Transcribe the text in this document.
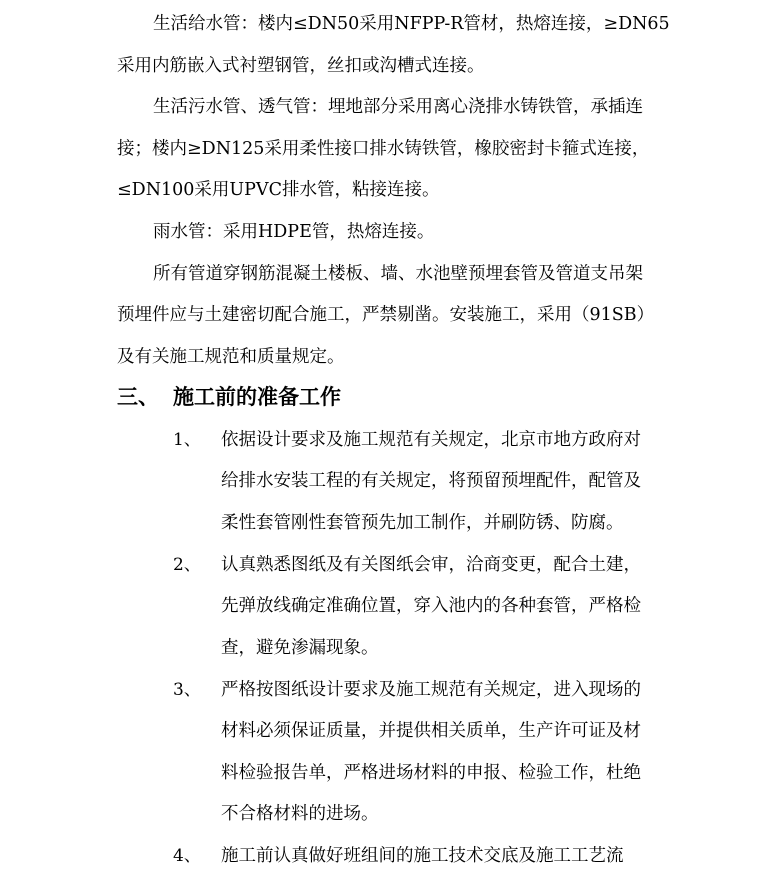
生活给水管：楼内≤DN50采用NFPP-R管材，热熔连接，≥DN65
采用内筋嵌入式衬塑钢管，丝扣或沟槽式连接。
生活污水管、透气管：埋地部分采用离心浇排水铸铁管，承插连
接；楼内≥DN125采用柔性接口排水铸铁管，橡胶密封卡箍式连接，
≤DN100采用UPVC排水管，粘接连接。
雨水管：采用HDPE管，热熔连接。
所有管道穿钢筋混凝土楼板、墙、水池壁预埋套管及管道支吊架
预埋件应与土建密切配合施工，严禁剔凿。安装施工，采用（91SB）
及有关施工规范和质量规定。
三、 施工前的准备工作
1、 依据设计要求及施工规范有关规定，北京市地方政府对
给排水安装工程的有关规定，将预留预埋配件，配管及
柔性套管刚性套管预先加工制作，并刷防锈、防腐。
2、 认真熟悉图纸及有关图纸会审，洽商变更，配合土建，
先弹放线确定准确位置，穿入池内的各种套管，严格检
查，避免渗漏现象。
3、 严格按图纸设计要求及施工规范有关规定，进入现场的
材料必须保证质量，并提供相关质单，生产许可证及材
料检验报告单，严格进场材料的申报、检验工作，杜绝
不合格材料的进场。
4、 施工前认真做好班组间的施工技术交底及施工工艺流
